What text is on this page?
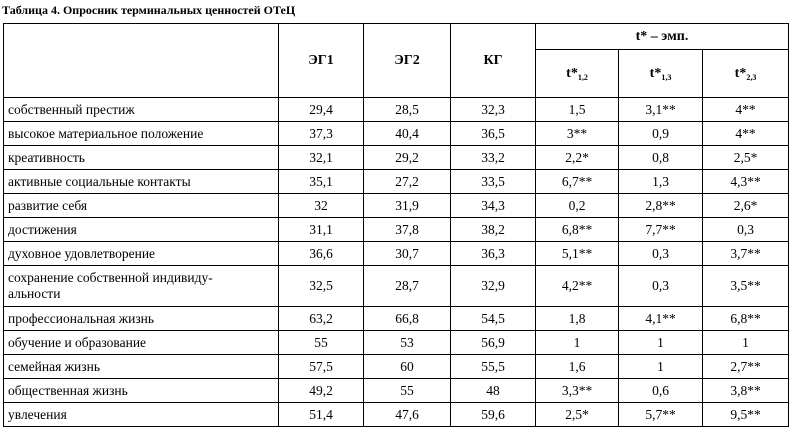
Таблица 4. Опросник терминальных ценностей ОТеЦ
	ЭГ1	ЭГ2	КГ	t* – эмп.		
				$t*_{1,2}$	$t*_{1,3}$	$t*_{2,3}$
собственный престиж	29,4	28,5	32,3	1,5	3,1**	4**
высокое материальное положение	37,3	40,4	36,5	3**	0,9	4**
креативность	32,1	29,2	33,2	2,2*	0,8	2,5*
активные социальные контакты	35,1	27,2	33,5	6,7**	1,3	4,3**
развитие себя	32	31,9	34,3	0,2	2,8**	2,6*
достижения	31,1	37,8	38,2	6,8**	7,7**	0,3
духовное удовлетворение	36,6	30,7	36,3	5,1**	0,3	3,7**
сохранение собственной индивиду-
альности	32,5	28,7	32,9	4,2**	0,3	3,5**
профессиональная жизнь	63,2	66,8	54,5	1,8	4,1**	6,8**
обучение и образование	55	53	56,9	1	1	1
семейная жизнь	57,5	60	55,5	1,6	1	2,7**
общественная жизнь	49,2	55	48	3,3**	0,6	3,8**
увлечения	51,4	47,6	59,6	2,5*	5,7**	9,5**
